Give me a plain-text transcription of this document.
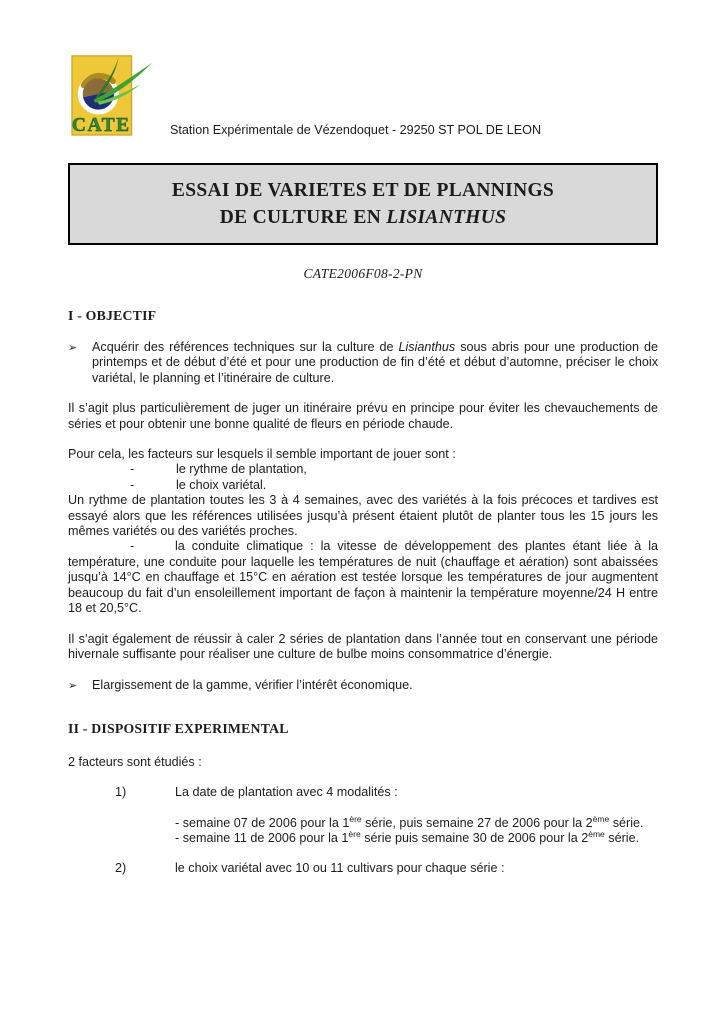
CATE	Station Expérimentale de Vézendoquet - 29250 ST POL DE LEON
ESSAI DE VARIETES ET DE PLANNINGS
DE CULTURE EN LISIANTHUS
CATE2006F08-2-PN
I - OBJECTIF
➢	Acquérir des références techniques sur la culture de Lisianthus sous abris pour une production de printemps et de début d’été et pour une production de fin d’été et début d’automne, préciser le choix variétal, le planning et l’itinéraire de culture.

Il s’agit plus particulièrement de juger un itinéraire prévu en principe pour éviter les chevauchements de séries et pour obtenir une bonne qualité de fleurs en période chaude.

Pour cela, les facteurs sur lesquels il semble important de jouer sont :

-	le rythme de plantation,
-	le choix variétal.

Un rythme de plantation toutes les 3 à 4 semaines, avec des variétés à la fois précoces et tardives est essayé alors que les références utilisées jusqu’à présent étaient plutôt de planter tous les 15 jours les mêmes variétés ou des variétés proches.

-	la conduite climatique : la vitesse de développement des plantes étant liée à la température, une conduite pour laquelle les températures de nuit (chauffage et aération) sont abaissées jusqu’à 14°C en chauffage et 15°C en aération est testée lorsque les températures de jour augmentent beaucoup du fait d’un ensoleillement important de façon à maintenir la température moyenne/24 H entre 18 et 20,5°C.

Il s’agit également de réussir à caler 2 séries de plantation dans l’année tout en conservant une période hivernale suffisante pour réaliser une culture de bulbe moins consommatrice d’énergie.

➢	Elargissement de la gamme, vérifier l’intérêt économique.
II - DISPOSITIF EXPERIMENTAL

2 facteurs sont étudiés :

1)	La date de plantation avec 4 modalités :
- semaine 07 de 2006 pour la 1ère série, puis semaine 27 de 2006 pour la 2ème série.
- semaine 11 de 2006 pour la 1ère série puis semaine 30 de 2006 pour la 2ème série.
2)	le choix variétal avec 10 ou 11 cultivars pour chaque série :
